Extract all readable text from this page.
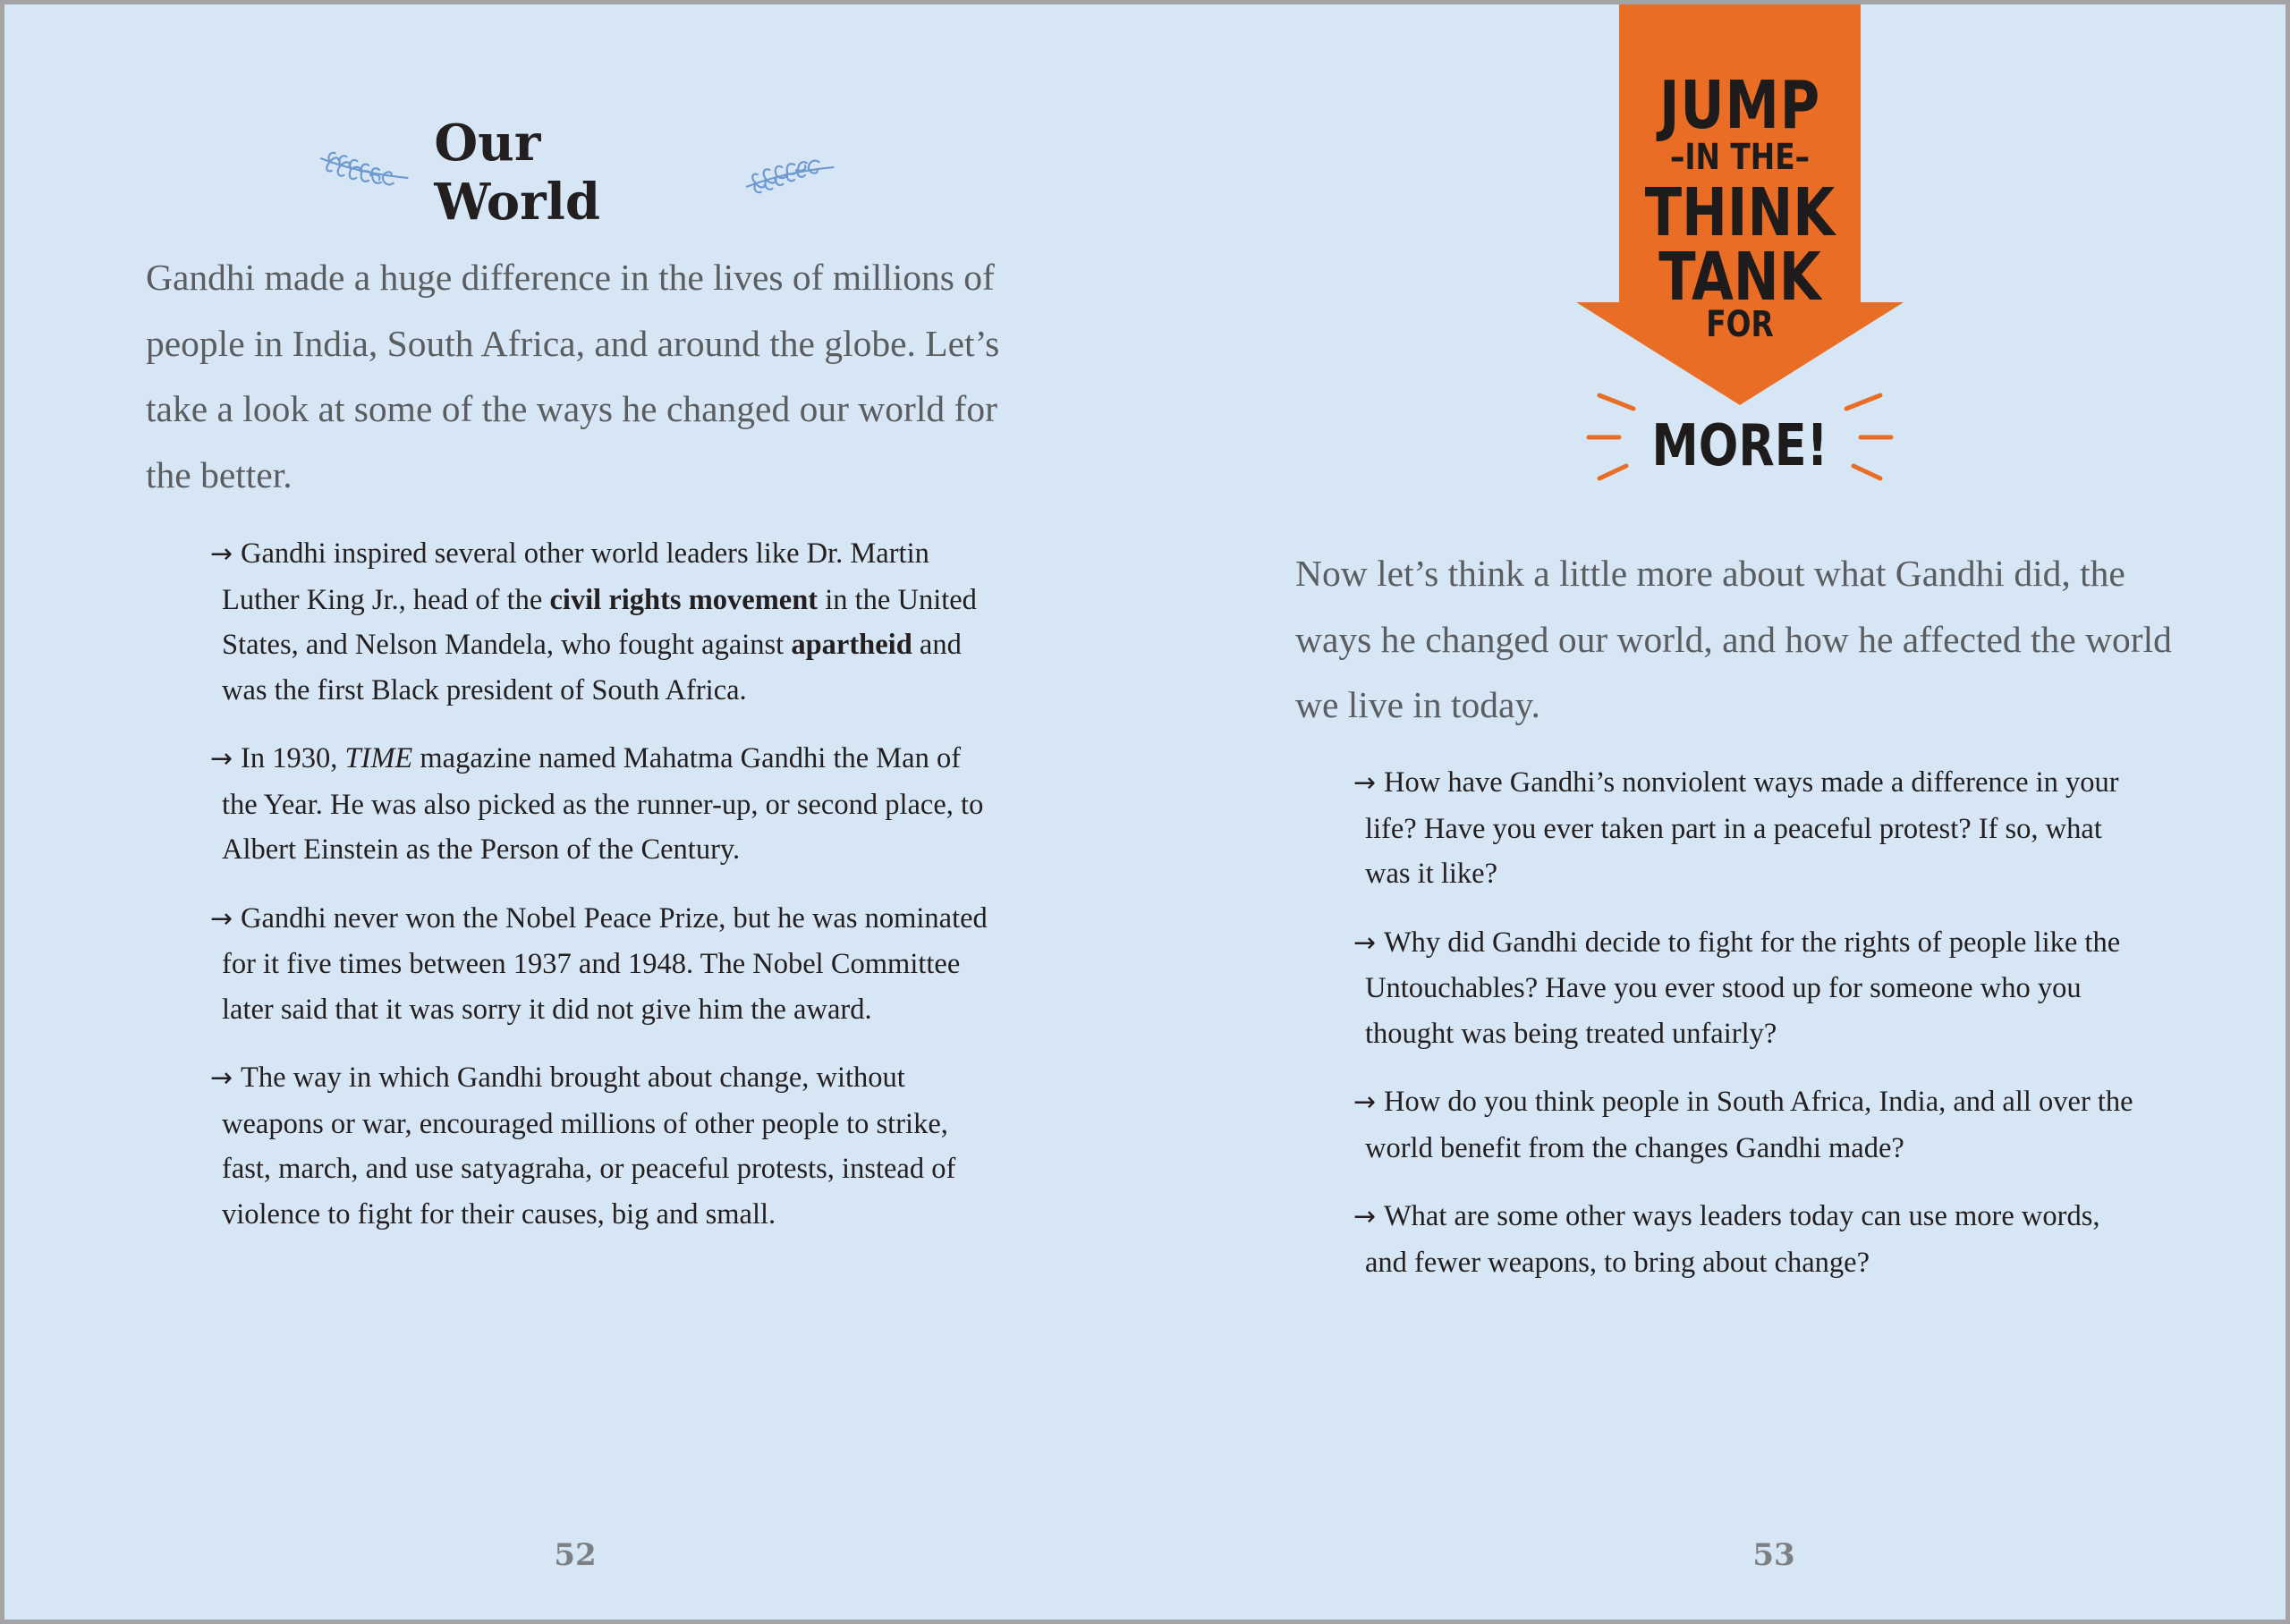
Our World

Gandhi made a huge difference in the lives of millions of people in India, South Africa, and around the globe. Let’s take a look at some of the ways he changed our world for the better.

→ Gandhi inspired several other world leaders like Dr. Martin Luther King Jr., head of the civil rights movement in the United States, and Nelson Mandela, who fought against apartheid and was the first Black president of South Africa.
→ In 1930, TIME magazine named Mahatma Gandhi the Man of the Year. He was also picked as the runner-up, or second place, to Albert Einstein as the Person of the Century.
→ Gandhi never won the Nobel Peace Prize, but he was nominated for it five times between 1937 and 1948. The Nobel Committee later said that it was sorry it did not give him the award.
→ The way in which Gandhi brought about change, without weapons or war, encouraged millions of other people to strike, fast, march, and use satyagraha, or peaceful protests, instead of violence to fight for their causes, big and small.
52

JUMP

–IN THE–

THINK

TANK

FOR

MORE!

Now let’s think a little more about what Gandhi did, the ways he changed our world, and how he affected the world we live in today.

→ How have Gandhi’s nonviolent ways made a difference in your life? Have you ever taken part in a peaceful protest? If so, what was it like?
→ Why did Gandhi decide to fight for the rights of people like the Untouchables? Have you ever stood up for someone who you thought was being treated unfairly?
→ How do you think people in South Africa, India, and all over the world benefit from the changes Gandhi made?
→ What are some other ways leaders today can use more words, and fewer weapons, to bring about change?
53
